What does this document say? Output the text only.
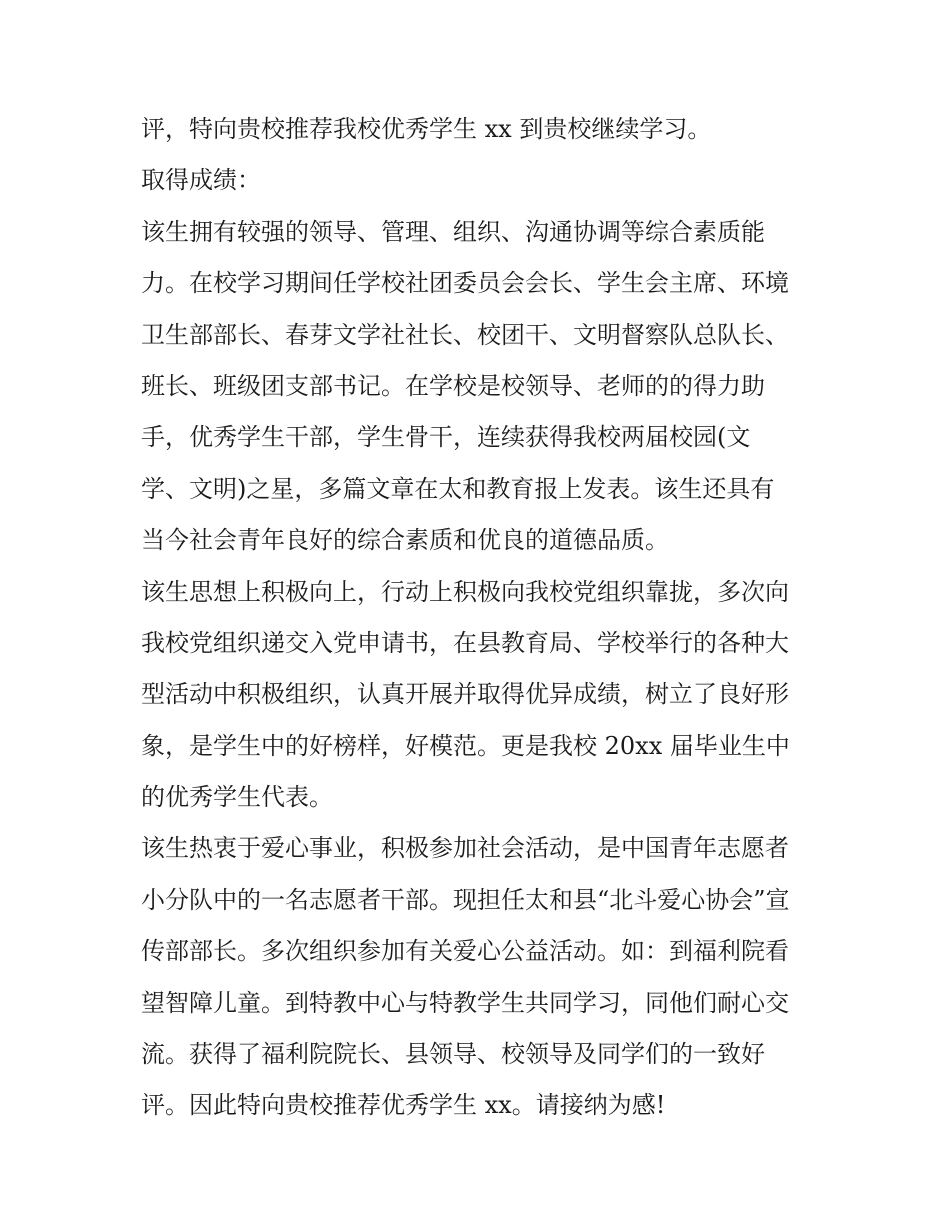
评，特向贵校推荐我校优秀学生 xx 到贵校继续学习。
取得成绩：
该生拥有较强的领导、管理、组织、沟通协调等综合素质能
力。在校学习期间任学校社团委员会会长、学生会主席、环境
卫生部部长、春芽文学社社长、校团干、文明督察队总队长、
班长、班级团支部书记。在学校是校领导、老师的的得力助
手，优秀学生干部，学生骨干，连续获得我校两届校园(文
学、文明)之星，多篇文章在太和教育报上发表。该生还具有
当今社会青年良好的综合素质和优良的道德品质。
该生思想上积极向上，行动上积极向我校党组织靠拢，多次向
我校党组织递交入党申请书，在县教育局、学校举行的各种大
型活动中积极组织，认真开展并取得优异成绩，树立了良好形
象，是学生中的好榜样，好模范。更是我校 20xx 届毕业生中
的优秀学生代表。
该生热衷于爱心事业，积极参加社会活动，是中国青年志愿者
小分队中的一名志愿者干部。现担任太和县“北斗爱心协会”宣
传部部长。多次组织参加有关爱心公益活动。如：到福利院看
望智障儿童。到特教中心与特教学生共同学习，同他们耐心交
流。获得了福利院院长、县领导、校领导及同学们的一致好
评。因此特向贵校推荐优秀学生 xx。请接纳为感!
